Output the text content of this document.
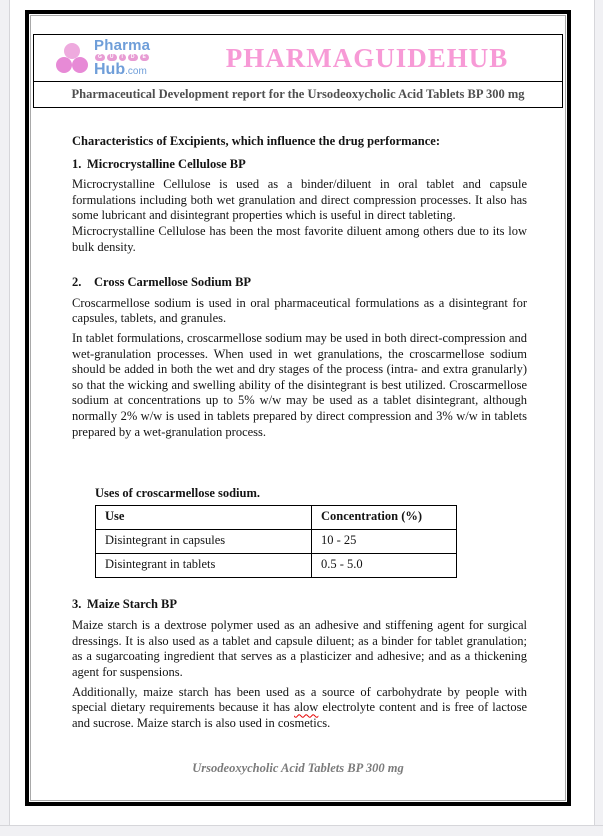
Pharma
G	U	I	D	E
Hub.com	PHARMAGUIDEHUB
Pharmaceutical Development report for the Ursodeoxycholic Acid Tablets BP 300 mg

Characteristics of Excipients, which influence the drug performance:

1. Microcrystalline Cellulose BP

Microcrystalline Cellulose is used as a binder/diluent in oral tablet and capsule formulations including both wet granulation and direct compression processes. It also has some lubricant and disintegrant properties which is useful in direct tableting.

Microcrystalline Cellulose has been the most favorite diluent among others due to its low bulk density.

2. Cross Carmellose Sodium BP

Croscarmellose sodium is used in oral pharmaceutical formulations as a disintegrant for capsules, tablets, and granules.

In tablet formulations, croscarmellose sodium may be used in both direct-compression and wet-granulation processes. When used in wet granulations, the croscarmellose sodium should be added in both the wet and dry stages of the process (intra- and extra granularly) so that the wicking and swelling ability of the disintegrant is best utilized. Croscarmellose sodium at concentrations up to 5% w/w may be used as a tablet disintegrant, although normally 2% w/w is used in tablets prepared by direct compression and 3% w/w in tablets prepared by a wet-granulation process.

Uses of croscarmellose sodium.

Use	Concentration (%)
Disintegrant in capsules	10 - 25
Disintegrant in tablets	0.5 - 5.0

3. Maize Starch BP

Maize starch is a dextrose polymer used as an adhesive and stiffening agent for surgical dressings. It is also used as a tablet and capsule diluent; as a binder for tablet granulation; as a sugarcoating ingredient that serves as a plasticizer and adhesive; and as a thickening agent for suspensions.

Additionally, maize starch has been used as a source of carbohydrate by people with special dietary requirements because it has alow electrolyte content and is free of lactose and sucrose. Maize starch is also used in cosmetics.

Ursodeoxycholic Acid Tablets BP 300 mg
